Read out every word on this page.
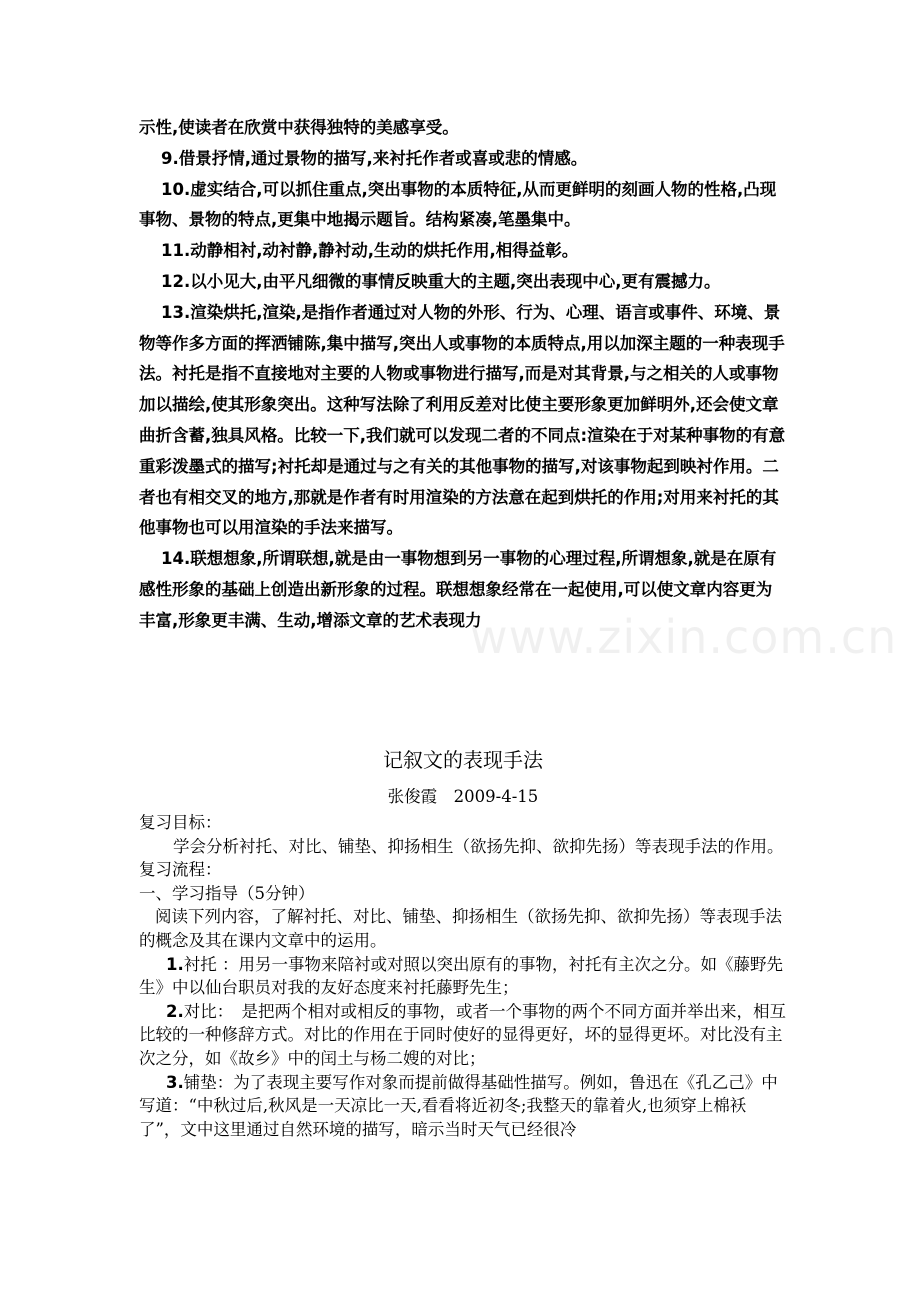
示性,使读者在欣赏中获得独特的美感享受。

9.借景抒情,通过景物的描写,来衬托作者或喜或悲的情感。

10.虚实结合,可以抓住重点,突出事物的本质特征,从而更鲜明的刻画人物的性格,凸现事物、景物的特点,更集中地揭示题旨。结构紧凑,笔墨集中。

11.动静相衬,动衬静,静衬动,生动的烘托作用,相得益彰。

12.以小见大,由平凡细微的事情反映重大的主题,突出表现中心,更有震撼力。

13.渲染烘托,渲染,是指作者通过对人物的外形、行为、心理、语言或事件、环境、景物等作多方面的挥洒铺陈,集中描写,突出人或事物的本质特点,用以加深主题的一种表现手法。衬托是指不直接地对主要的人物或事物进行描写,而是对其背景,与之相关的人或事物加以描绘,使其形象突出。这种写法除了利用反差对比使主要形象更加鲜明外,还会使文章曲折含蓄,独具风格。比较一下,我们就可以发现二者的不同点:渲染在于对某种事物的有意重彩泼墨式的描写;衬托却是通过与之有关的其他事物的描写,对该事物起到映衬作用。二者也有相交叉的地方,那就是作者有时用渲染的方法意在起到烘托的作用;对用来衬托的其他事物也可以用渲染的手法来描写。

14.联想想象,所谓联想,就是由一事物想到另一事物的心理过程,所谓想象,就是在原有感性形象的基础上创造出新形象的过程。联想想象经常在一起使用,可以使文章内容更为丰富,形象更丰满、生动,增添文章的艺术表现力

www.zixin.com.cn

记叙文的表现手法

张俊霞　2009-4-15

复习目标：

学会分析衬托、对比、铺垫、抑扬相生（欲扬先抑、欲抑先扬）等表现手法的作用。

复习流程：

一、学习指导（5分钟）

阅读下列内容，了解衬托、对比、铺垫、抑扬相生（欲扬先抑、欲抑先扬）等表现手法的概念及其在课内文章中的运用。

1.衬托 ：用另一事物来陪衬或对照以突出原有的事物，衬托有主次之分。如《藤野先生》中以仙台职员对我的友好态度来衬托藤野先生；

2.对比：　是把两个相对或相反的事物，或者一个事物的两个不同方面并举出来，相互比较的一种修辞方式。对比的作用在于同时使好的显得更好，坏的显得更坏。对比没有主次之分，如《故乡》中的闰土与杨二嫂的对比；

3.铺垫：为了表现主要写作对象而提前做得基础性描写。例如，鲁迅在《孔乙己》中写道：“中秋过后,秋风是一天凉比一天,看看将近初冬;我整天的靠着火,也须穿上棉袄了”，文中这里通过自然环境的描写，暗示当时天气已经很冷
